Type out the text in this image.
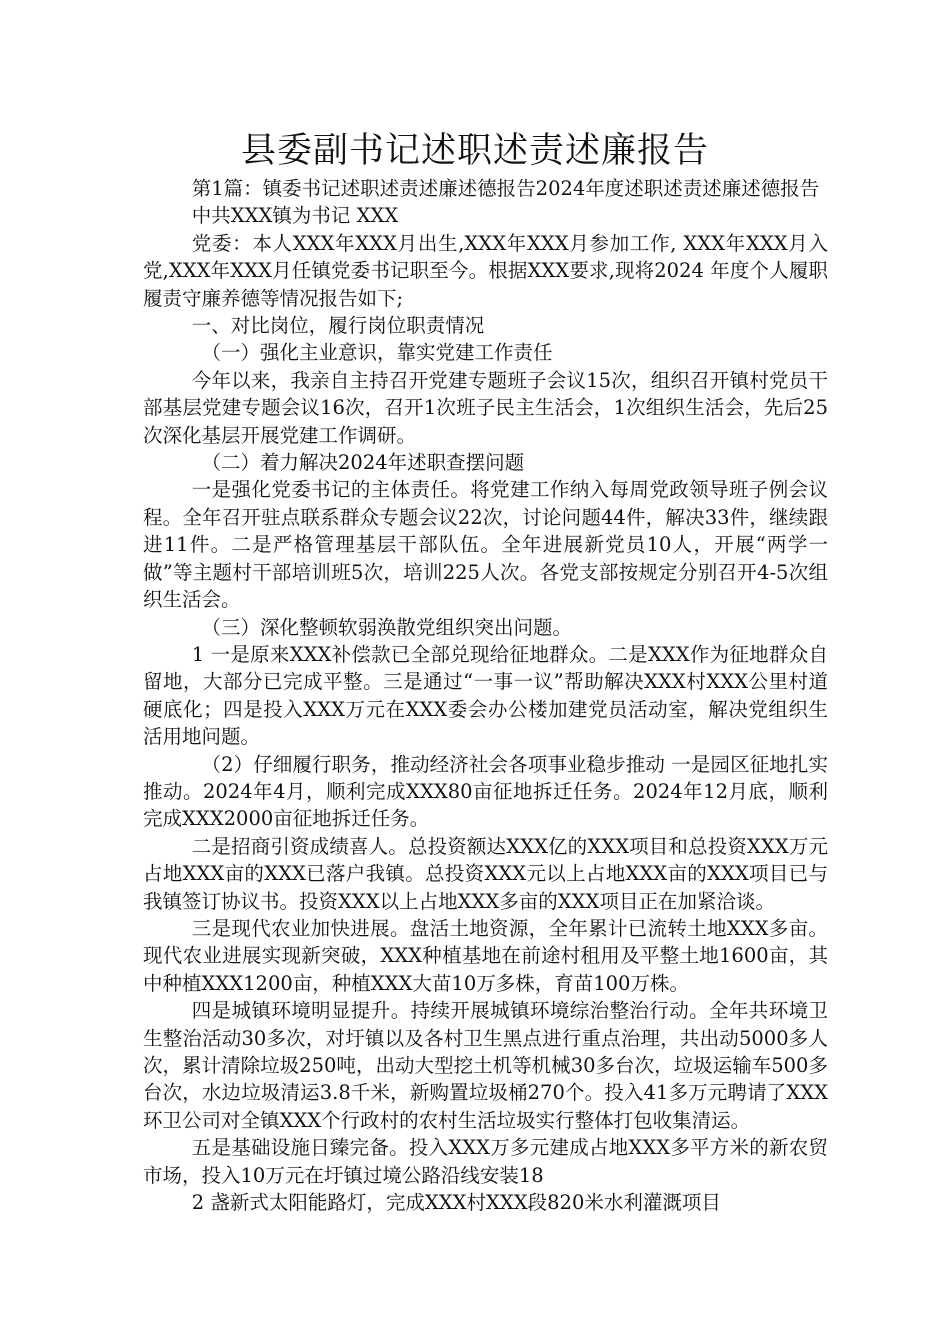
县委副书记述职述责述廉报告

第1篇：镇委书记述职述责述廉述德报告2024年度述职述责述廉述德报告

中共XXX镇为书记 XXX

党委：本人XXX年XXX月出生,XXX年XXX月参加工作, XXX年XXX月入党,XXX年XXX月任镇党委书记职至今。根据XXX要求,现将2024 年度个人履职履责守廉养德等情况报告如下;

一、对比岗位，履行岗位职责情况

（一）强化主业意识，靠实党建工作责任

今年以来，我亲自主持召开党建专题班子会议15次，组织召开镇村党员干部基层党建专题会议16次，召开1次班子民主生活会，1次组织生活会，先后25次深化基层开展党建工作调研。

（二）着力解决2024年述职查摆问题

一是强化党委书记的主体责任。将党建工作纳入每周党政领导班子例会议程。全年召开驻点联系群众专题会议22次，讨论问题44件，解决33件，继续跟进11件。二是严格管理基层干部队伍。全年进展新党员10人，开展“两学一做”等主题村干部培训班5次，培训225人次。各党支部按规定分别召开4-5次组织生活会。

（三）深化整顿软弱涣散党组织突出问题。

1 一是原来XXX补偿款已全部兑现给征地群众。二是XXX作为征地群众自留地，大部分已完成平整。三是通过“一事一议”帮助解决XXX村XXX公里村道硬底化；四是投入XXX万元在XXX委会办公楼加建党员活动室，解决党组织生活用地问题。

（2）仔细履行职务，推动经济社会各项事业稳步推动 一是园区征地扎实推动。2024年4月，顺利完成XXX80亩征地拆迁任务。2024年12月底，顺利完成XXX2000亩征地拆迁任务。

二是招商引资成绩喜人。总投资额达XXX亿的XXX项目和总投资XXX万元占地XXX亩的XXX已落户我镇。总投资XXX元以上占地XXX亩的XXX项目已与我镇签订协议书。投资XXX以上占地XXX多亩的XXX项目正在加紧洽谈。

三是现代农业加快进展。盘活土地资源，全年累计已流转土地XXX多亩。现代农业进展实现新突破，XXX种植基地在前途村租用及平整土地1600亩，其中种植XXX1200亩，种植XXX大苗10万多株，育苗100万株。

四是城镇环境明显提升。持续开展城镇环境综治整治行动。全年共环境卫生整治活动30多次，对圩镇以及各村卫生黑点进行重点治理，共出动5000多人次，累计清除垃圾250吨，出动大型挖土机等机械30多台次，垃圾运输车500多台次，水边垃圾清运3.8千米，新购置垃圾桶270个。投入41多万元聘请了XXX环卫公司对全镇XXX个行政村的农村生活垃圾实行整体打包收集清运。

五是基础设施日臻完备。投入XXX万多元建成占地XXX多平方米的新农贸市场，投入10万元在圩镇过境公路沿线安装18

2 盏新式太阳能路灯，完成XXX村XXX段820米水利灌溉项目
